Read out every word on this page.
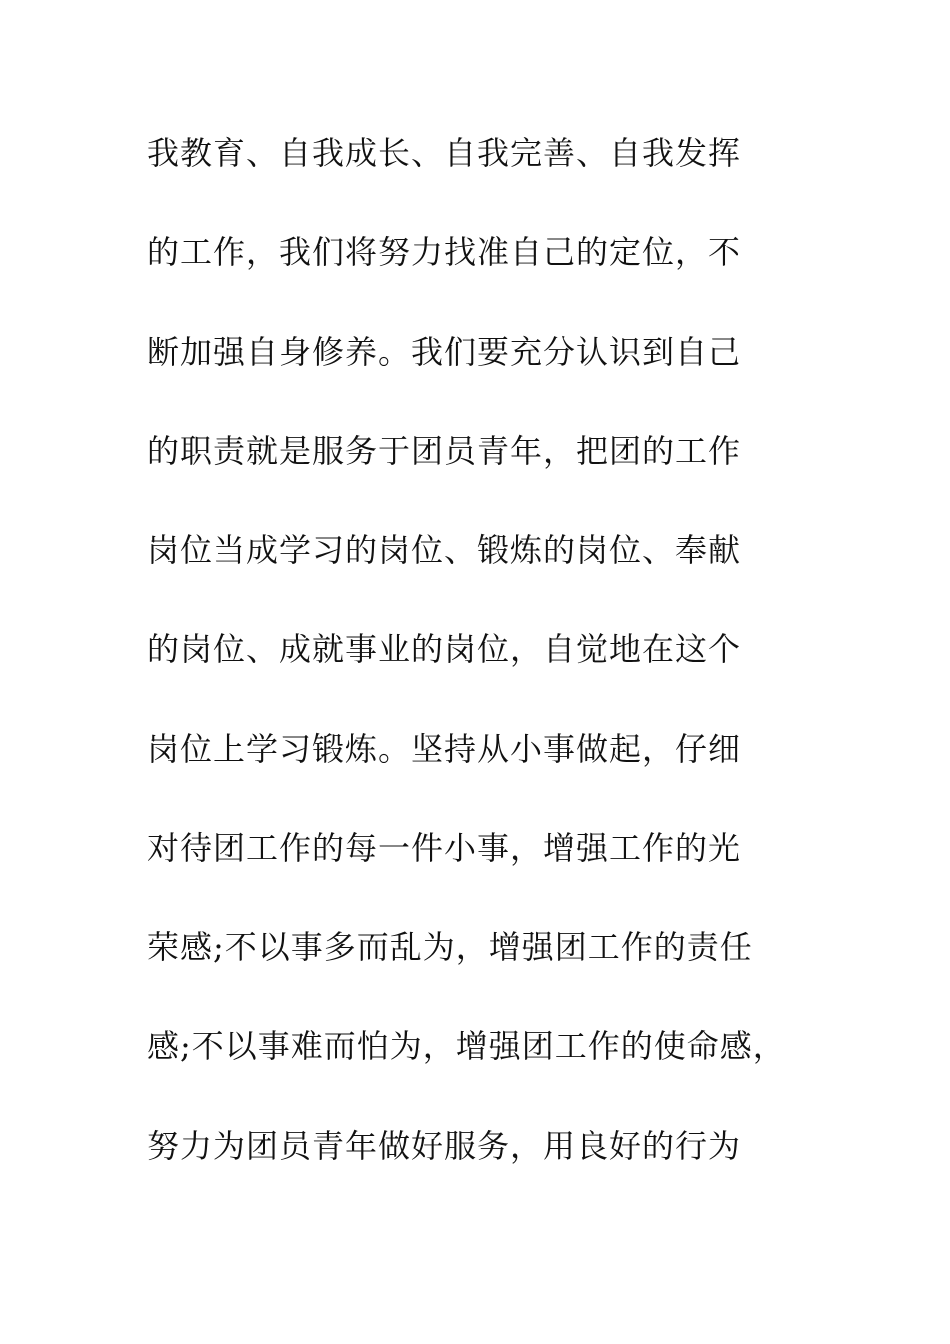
我教育、自我成长、自我完善、自我发挥

的工作，我们将努力找准自己的定位，不

断加强自身修养。我们要充分认识到自己

的职责就是服务于团员青年，把团的工作

岗位当成学习的岗位、锻炼的岗位、奉献

的岗位、成就事业的岗位，自觉地在这个

岗位上学习锻炼。坚持从小事做起，仔细

对待团工作的每一件小事，增强工作的光

荣感;不以事多而乱为，增强团工作的责任

感;不以事难而怕为，增强团工作的使命感，

努力为团员青年做好服务，用良好的行为
